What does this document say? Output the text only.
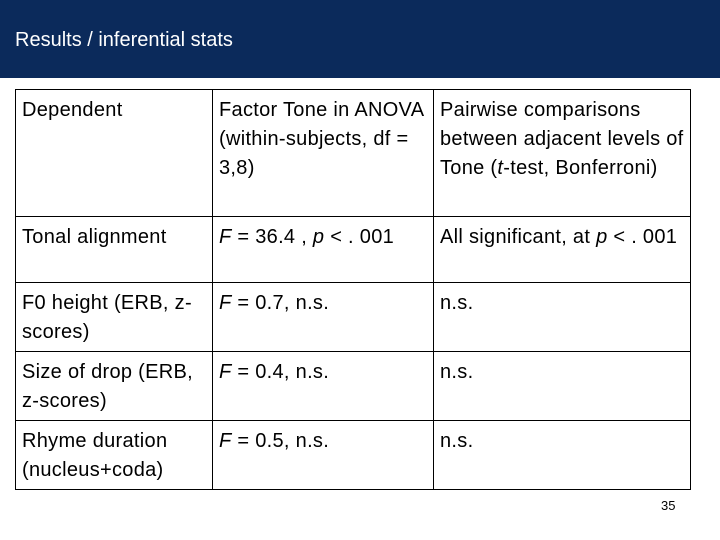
Results / inferential stats
Dependent	Factor Tone in ANOVA (within-subjects, df = 3,8)	Pairwise comparisons between adjacent levels of Tone (t-test, Bonferroni)
Tonal alignment	F = 36.4 , p < . 001	All significant, at p < . 001
F0 height (ERB, z-scores)	F = 0.7, n.s.	n.s.
Size of drop (ERB, z-scores)	F = 0.4, n.s.	n.s.
Rhyme duration (nucleus+coda)	F = 0.5, n.s.	n.s.
35
